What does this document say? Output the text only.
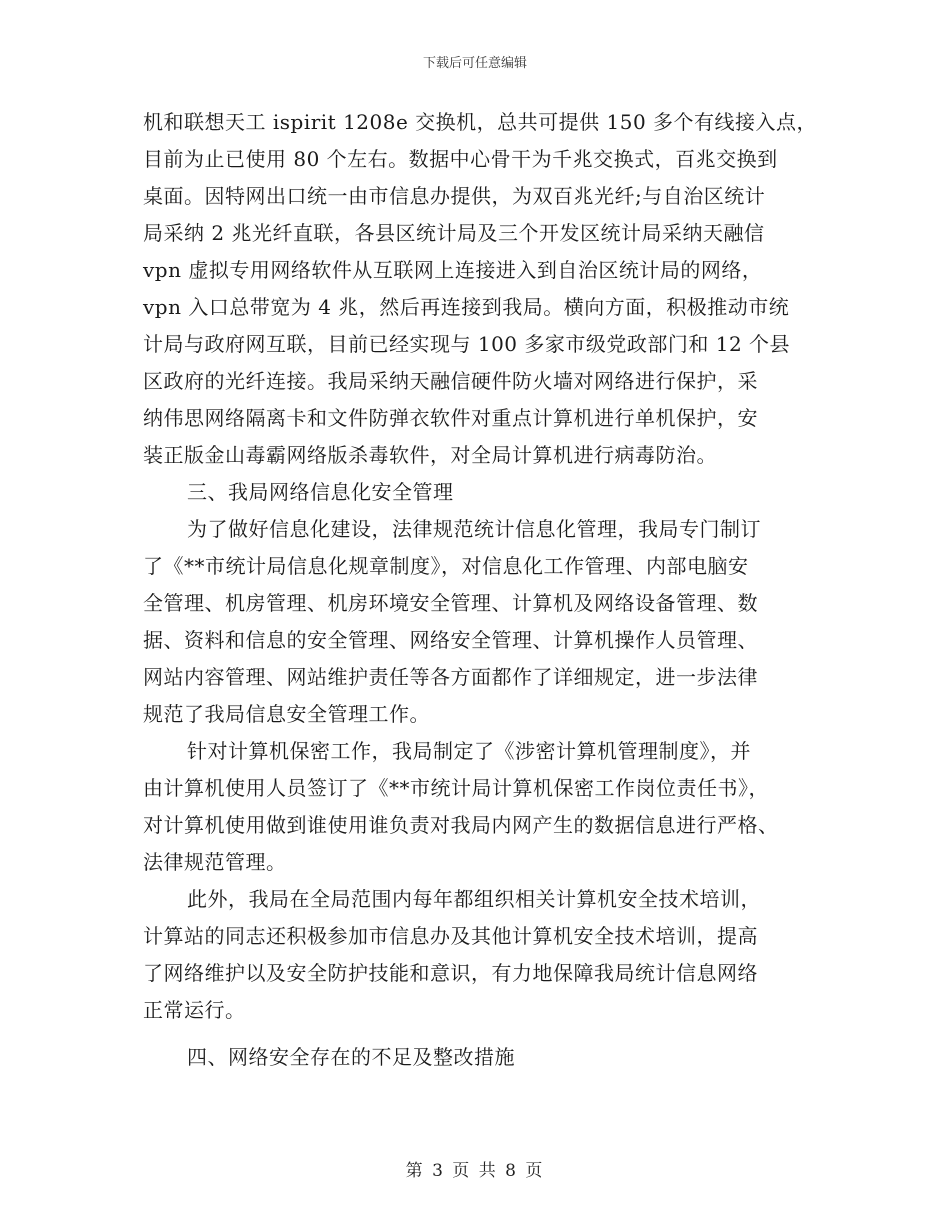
下载后可任意编辑

机和联想天工 ispirit 1208e 交换机，总共可提供 150 多个有线接入点，
目前为止已使用 80 个左右。数据中心骨干为千兆交换式，百兆交换到
桌面。因特网出口统一由市信息办提供，为双百兆光纤;与自治区统计
局采纳 2 兆光纤直联，各县区统计局及三个开发区统计局采纳天融信
vpn 虚拟专用网络软件从互联网上连接进入到自治区统计局的网络，
vpn 入口总带宽为 4 兆，然后再连接到我局。横向方面，积极推动市统
计局与政府网互联，目前已经实现与 100 多家市级党政部门和 12 个县
区政府的光纤连接。我局采纳天融信硬件防火墙对网络进行保护，采
纳伟思网络隔离卡和文件防弹衣软件对重点计算机进行单机保护，安
装正版金山毒霸网络版杀毒软件，对全局计算机进行病毒防治。

三、我局网络信息化安全管理

为了做好信息化建设，法律规范统计信息化管理，我局专门制订
了《**市统计局信息化规章制度》，对信息化工作管理、内部电脑安
全管理、机房管理、机房环境安全管理、计算机及网络设备管理、数
据、资料和信息的安全管理、网络安全管理、计算机操作人员管理、
网站内容管理、网站维护责任等各方面都作了详细规定，进一步法律
规范了我局信息安全管理工作。

针对计算机保密工作，我局制定了《涉密计算机管理制度》，并
由计算机使用人员签订了《**市统计局计算机保密工作岗位责任书》，
对计算机使用做到谁使用谁负责对我局内网产生的数据信息进行严格、
法律规范管理。

此外，我局在全局范围内每年都组织相关计算机安全技术培训，
计算站的同志还积极参加市信息办及其他计算机安全技术培训，提高
了网络维护以及安全防护技能和意识，有力地保障我局统计信息网络
正常运行。

四、网络安全存在的不足及整改措施

第 3 页 共 8 页
